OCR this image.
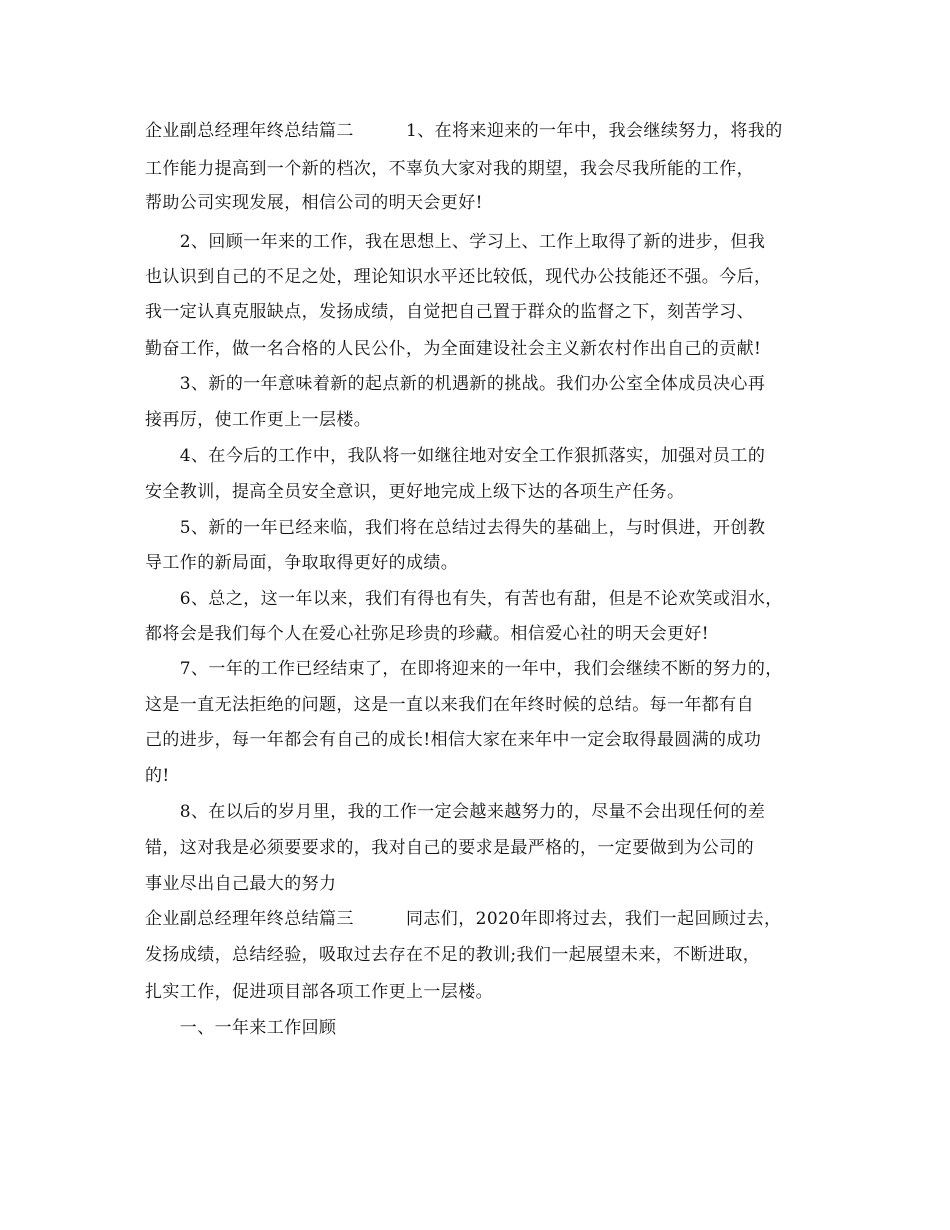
企业副总经理年终总结篇二　　　1、在将来迎来的一年中，我会继续努力，将我的
工作能力提高到一个新的档次，不辜负大家对我的期望，我会尽我所能的工作，
帮助公司实现发展，相信公司的明天会更好!
　　2、回顾一年来的工作，我在思想上、学习上、工作上取得了新的进步，但我
也认识到自己的不足之处，理论知识水平还比较低，现代办公技能还不强。今后，
我一定认真克服缺点，发扬成绩，自觉把自己置于群众的监督之下，刻苦学习、
勤奋工作，做一名合格的人民公仆，为全面建设社会主义新农村作出自己的贡献!
　　3、新的一年意味着新的起点新的机遇新的挑战。我们办公室全体成员决心再
接再厉，使工作更上一层楼。
　　4、在今后的工作中，我队将一如继往地对安全工作狠抓落实，加强对员工的
安全教训，提高全员安全意识，更好地完成上级下达的各项生产任务。
　　5、新的一年已经来临，我们将在总结过去得失的基础上，与时俱进，开创教
导工作的新局面，争取取得更好的成绩。
　　6、总之，这一年以来，我们有得也有失，有苦也有甜，但是不论欢笑或泪水，
都将会是我们每个人在爱心社弥足珍贵的珍藏。相信爱心社的明天会更好!
　　7、一年的工作已经结束了，在即将迎来的一年中，我们会继续不断的努力的，
这是一直无法拒绝的问题，这是一直以来我们在年终时候的总结。每一年都有自
己的进步，每一年都会有自己的成长!相信大家在来年中一定会取得最圆满的成功
的!
　　8、在以后的岁月里，我的工作一定会越来越努力的，尽量不会出现任何的差
错，这对我是必须要要求的，我对自己的要求是最严格的，一定要做到为公司的
事业尽出自己最大的努力
企业副总经理年终总结篇三　　　同志们，2020年即将过去，我们一起回顾过去，
发扬成绩，总结经验，吸取过去存在不足的教训;我们一起展望未来，不断进取，
扎实工作，促进项目部各项工作更上一层楼。
　　一、一年来工作回顾
